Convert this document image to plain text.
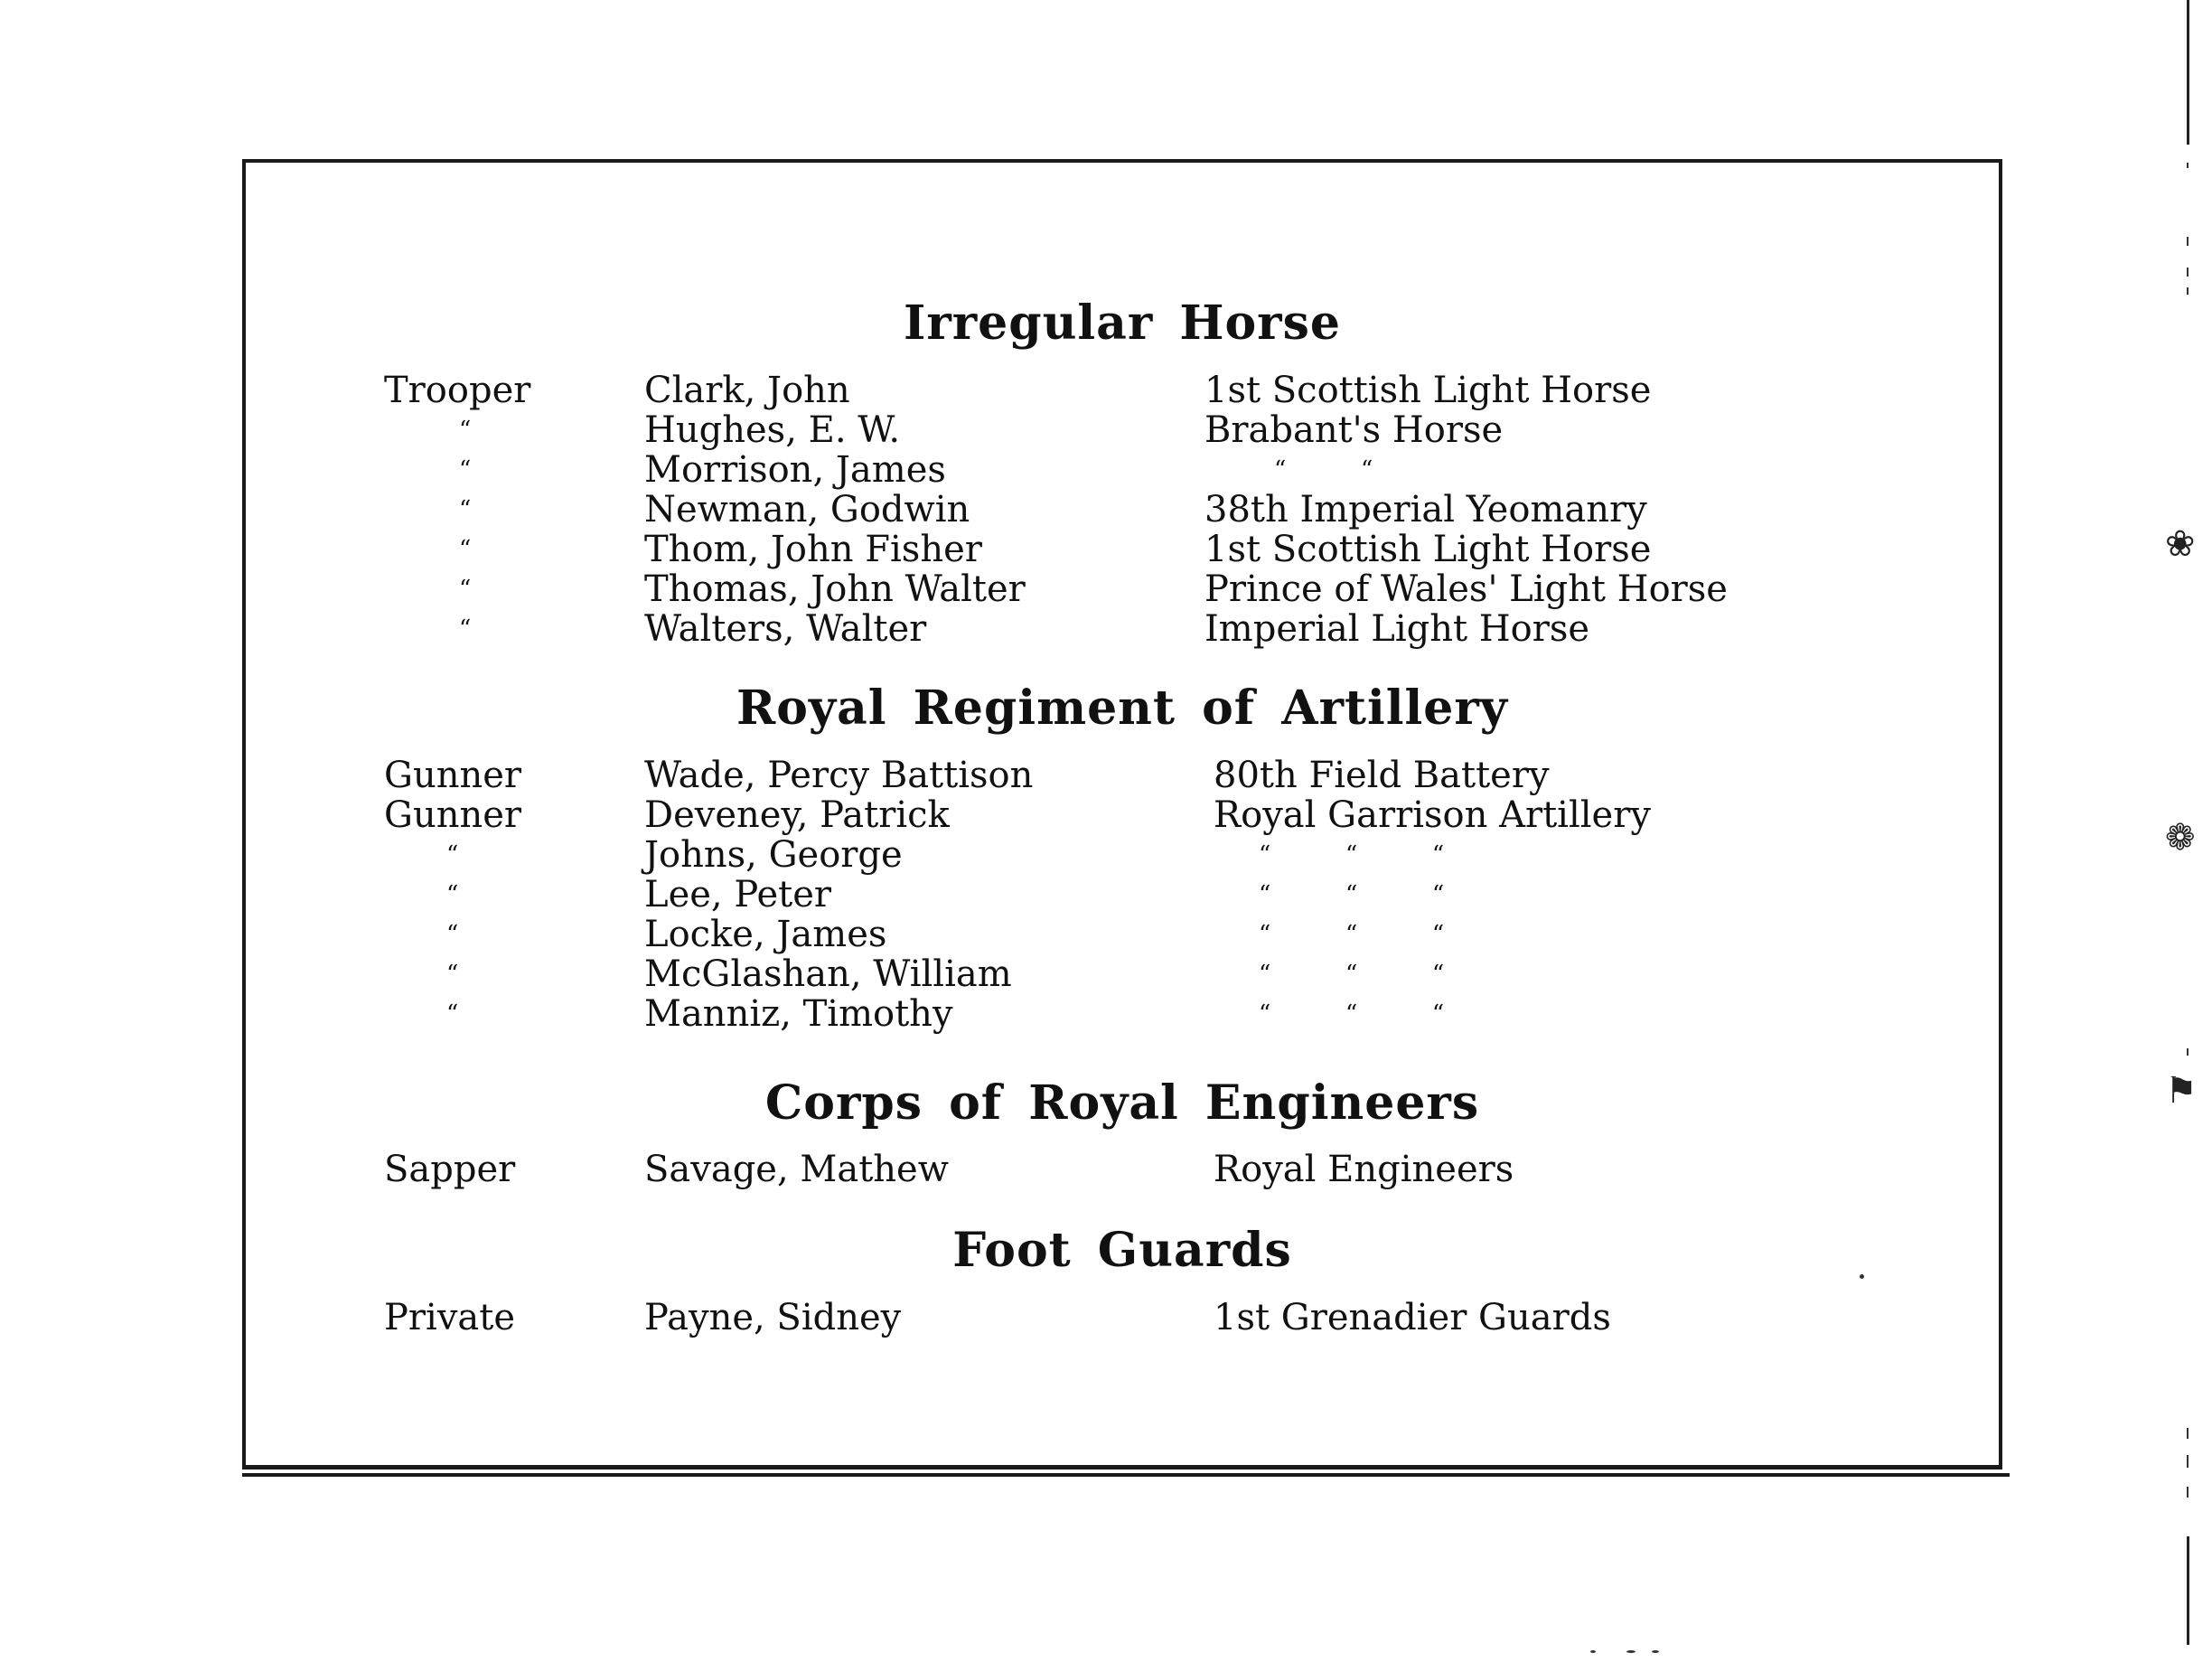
Irregular Horse
Trooper	Clark, John	1st Scottish Light Horse
“	Hughes, E. W.	Brabant's Horse
“	Morrison, James	“          “
“	Newman, Godwin	38th Imperial Yeomanry
“	Thom, John Fisher	1st Scottish Light Horse
“	Thomas, John Walter	Prince of Wales' Light Horse
“	Walters, Walter	Imperial Light Horse
Royal Regiment of Artillery
Gunner	Wade, Percy Battison	80th Field Battery
Gunner	Deveney, Patrick	Royal Garrison Artillery
“	Johns, George	“          “          “
“	Lee, Peter	“          “          “
“	Locke, James	“          “          “
“	McGlashan, William	“          “          “
“	Manniz, Timothy	“          “          “
Corps of Royal Engineers
Sapper	Savage, Mathew	Royal Engineers
Foot Guards
Private	Payne, Sidney	1st Grenadier Guards
❀
❁
⚑
